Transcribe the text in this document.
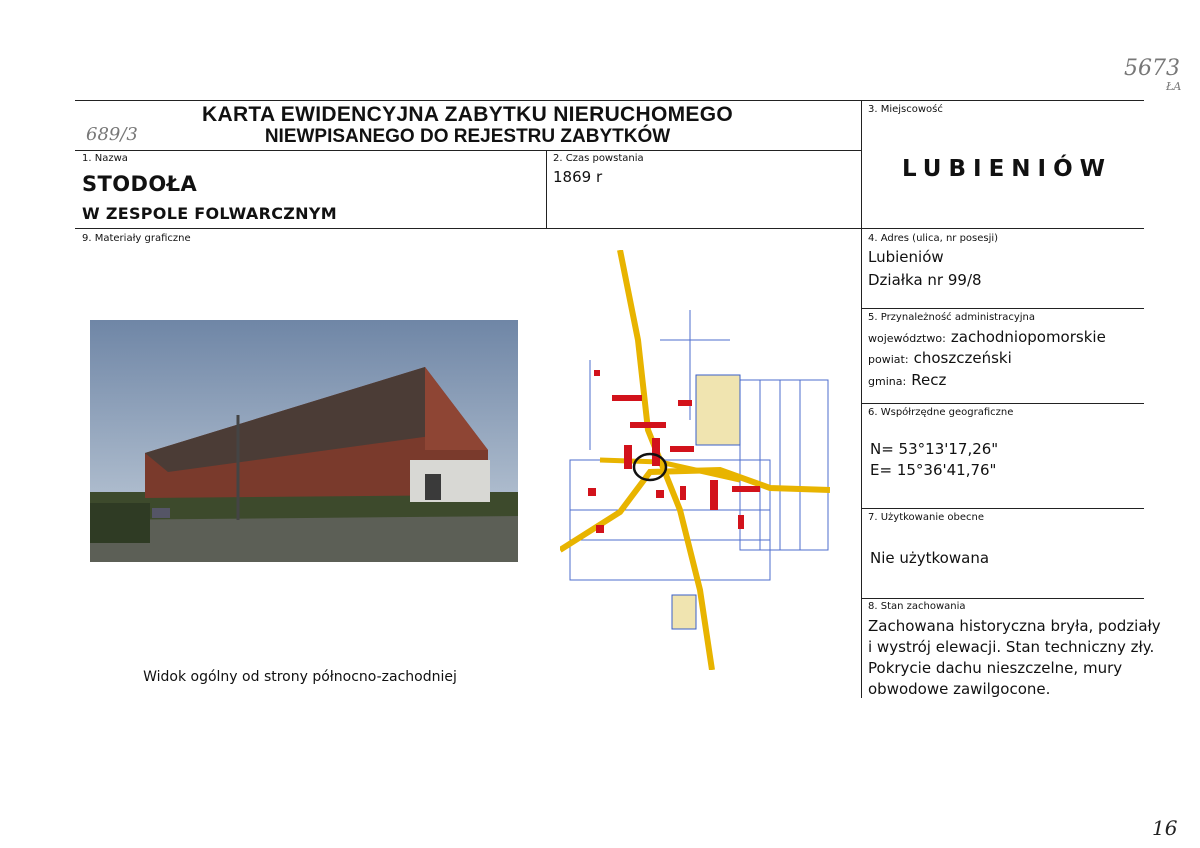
5673
ŁA
689/3
16
KARTA EWIDENCYJNA ZABYTKU NIERUCHOMEGO
NIEWPISANEGO DO REJESTRU ZABYTKÓW
1. Nazwa
STODOŁA
W ZESPOLE FOLWARCZNYM
2. Czas powstania
1869 r
3. Miejscowość
LUBIENIÓW
4. Adres (ulica, nr posesji)
Lubieniów
Działka nr 99/8
5. Przynależność administracyjna
województwo: zachodniopomorskie
powiat: choszczeński
gmina: Recz
6. Współrzędne geograficzne
N= 53°13'17,26"
E= 15°36'41,76"
7. Użytkowanie obecne
Nie użytkowana
8. Stan zachowania
Zachowana historyczna bryła, podziały
i wystrój elewacji. Stan techniczny zły.
Pokrycie dachu nieszczelne, mury
obwodowe zawilgocone.
9. Materiały graficzne
Widok ogólny od strony północno-zachodniej
